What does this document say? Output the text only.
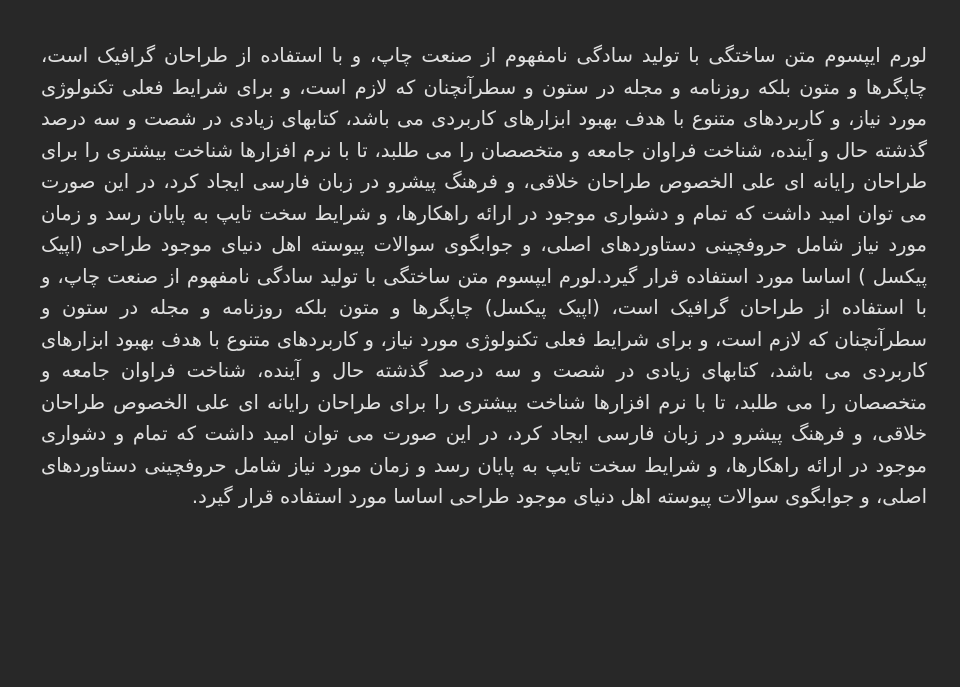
لورم ایپسوم متن ساختگی با تولید سادگی نامفهوم از صنعت چاپ، و با استفاده از طراحان گرافیک است، چاپگرها و متون بلکه روزنامه و مجله در ستون و سطرآنچنان که لازم است، و برای شرایط فعلی تکنولوژی مورد نیاز، و کاربردهای متنوع با هدف بهبود ابزارهای کاربردی می باشد، کتابهای زیادی در شصت و سه درصد گذشته حال و آینده، شناخت فراوان جامعه و متخصصان را می طلبد، تا با نرم افزارها شناخت بیشتری را برای طراحان رایانه ای علی الخصوص طراحان خلاقی، و فرهنگ پیشرو در زبان فارسی ایجاد کرد، در این صورت می توان امید داشت که تمام و دشواری موجود در ارائه راهکارها، و شرایط سخت تایپ به پایان رسد و زمان مورد نیاز شامل حروفچینی دستاوردهای اصلی، و جوابگوی سوالات پیوسته اهل دنیای موجود طراحی (اپیک پیکسل ) اساسا مورد استفاده قرار گیرد.لورم ایپسوم متن ساختگی با تولید سادگی نامفهوم از صنعت چاپ، و با استفاده از طراحان گرافیک است، (اپیک پیکسل) چاپگرها و متون بلکه روزنامه و مجله در ستون و سطرآنچنان که لازم است، و برای شرایط فعلی تکنولوژی مورد نیاز، و کاربردهای متنوع با هدف بهبود ابزارهای کاربردی می باشد، کتابهای زیادی در شصت و سه درصد گذشته حال و آینده، شناخت فراوان جامعه و متخصصان را می طلبد، تا با نرم افزارها شناخت بیشتری را برای طراحان رایانه ای علی الخصوص طراحان خلاقی، و فرهنگ پیشرو در زبان فارسی ایجاد کرد، در این صورت می توان امید داشت که تمام و دشواری موجود در ارائه راهکارها، و شرایط سخت تایپ به پایان رسد و زمان مورد نیاز شامل حروفچینی دستاوردهای اصلی، و جوابگوی سوالات پیوسته اهل دنیای موجود طراحی اساسا مورد استفاده قرار گیرد.
